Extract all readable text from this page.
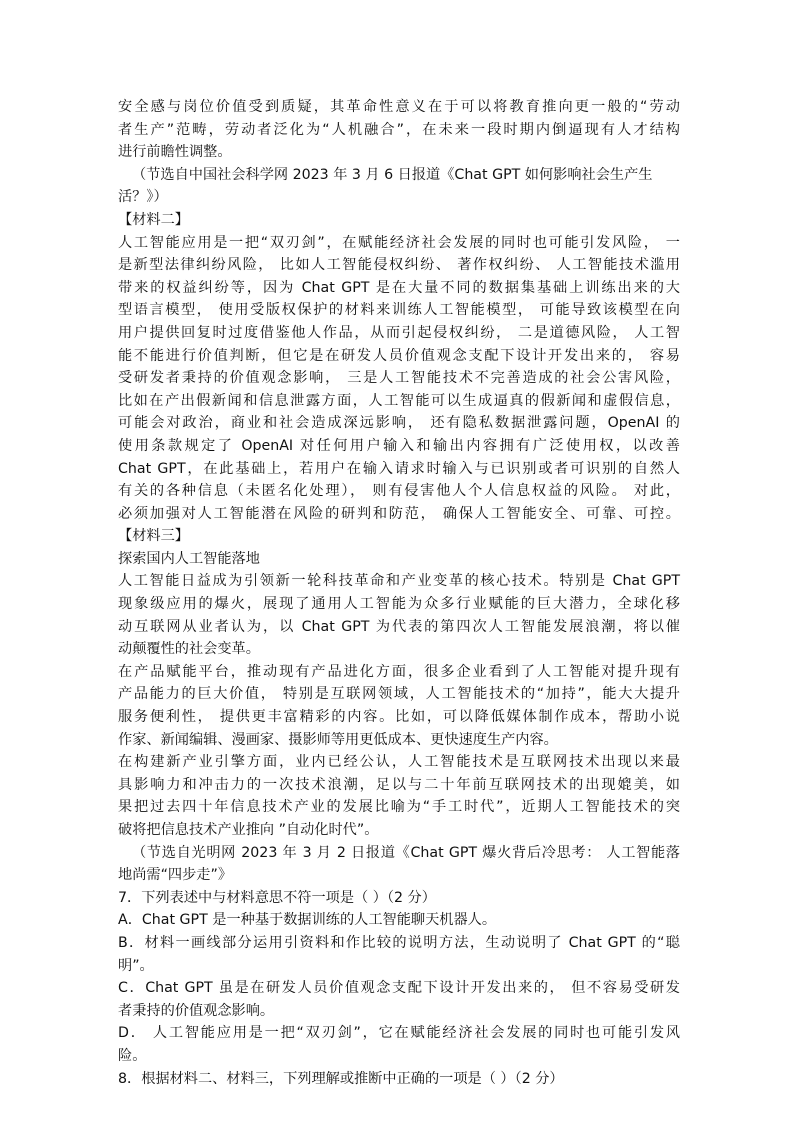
安全感与岗位价值受到质疑，其革命性意义在于可以将教育推向更一般的“劳动
者生产”范畴，劳动者泛化为“人机融合”，在未来一段时期内倒逼现有人才结构
进行前瞻性调整。
（节选自中国社会科学网 2023 年 3 月 6 日报道《Chat GPT 如何影响社会生产生
活？》）
【材料二】
人工智能应用是一把“双刃剑”，在赋能经济社会发展的同时也可能引发风险， 一
是新型法律纠纷风险， 比如人工智能侵权纠纷、 著作权纠纷、 人工智能技术滥用
带来的权益纠纷等，因为 Chat GPT 是在大量不同的数据集基础上训练出来的大
型语言模型， 使用受版权保护的材料来训练人工智能模型， 可能导致该模型在向
用户提供回复时过度借鉴他人作品，从而引起侵权纠纷， 二是道德风险， 人工智
能不能进行价值判断，但它是在研发人员价值观念支配下设计开发出来的， 容易
受研发者秉持的价值观念影响， 三是人工智能技术不完善造成的社会公害风险，
比如在产出假新闻和信息泄露方面，人工智能可以生成逼真的假新闻和虚假信息，
可能会对政治，商业和社会造成深远影响， 还有隐私数据泄露问题，OpenAI 的
使用条款规定了 OpenAI 对任何用户输入和输出内容拥有广泛使用权，以改善
Chat GPT，在此基础上，若用户在输入请求时输入与已识别或者可识别的自然人
有关的各种信息（未匿名化处理）， 则有侵害他人个人信息权益的风险。 对此，
必须加强对人工智能潜在风险的研判和防范， 确保人工智能安全、可靠、可控。
【材料三】
探索国内人工智能落地
人工智能日益成为引领新一轮科技革命和产业变革的核心技术。特别是 Chat GPT
现象级应用的爆火，展现了通用人工智能为众多行业赋能的巨大潜力，全球化移
动互联网从业者认为，以 Chat GPT 为代表的第四次人工智能发展浪潮，将以催
动颠覆性的社会变革。
在产品赋能平台，推动现有产品进化方面，很多企业看到了人工智能对提升现有
产品能力的巨大价值， 特别是互联网领域，人工智能技术的“加持”，能大大提升
服务便利性， 提供更丰富精彩的内容。比如，可以降低媒体制作成本，帮助小说
作家、新闻编辑、漫画家、摄影师等用更低成本、更快速度生产内容。
在构建新产业引擎方面，业内已经公认，人工智能技术是互联网技术出现以来最
具影响力和冲击力的一次技术浪潮，足以与二十年前互联网技术的出现媲美，如
果把过去四十年信息技术产业的发展比喻为“手工时代”，近期人工智能技术的突
破将把信息技术产业推向 ”自动化时代”。
（节选自光明网 2023 年 3 月 2 日报道《Chat GPT 爆火背后冷思考： 人工智能落
地尚需“四步走”》
7．下列表述中与材料意思不符一项是（ ）（2 分）
A．Chat GPT 是一种基于数据训练的人工智能聊天机器人。
B．材料一画线部分运用引资料和作比较的说明方法，生动说明了 Chat GPT 的“聪
明”。
C．Chat GPT 虽是在研发人员价值观念支配下设计开发出来的， 但不容易受研发
者秉持的价值观念影响。
D． 人工智能应用是一把“双刃剑”，它在赋能经济社会发展的同时也可能引发风
险。
8．根据材料二、材料三，下列理解或推断中正确的一项是（ ）（2 分）
